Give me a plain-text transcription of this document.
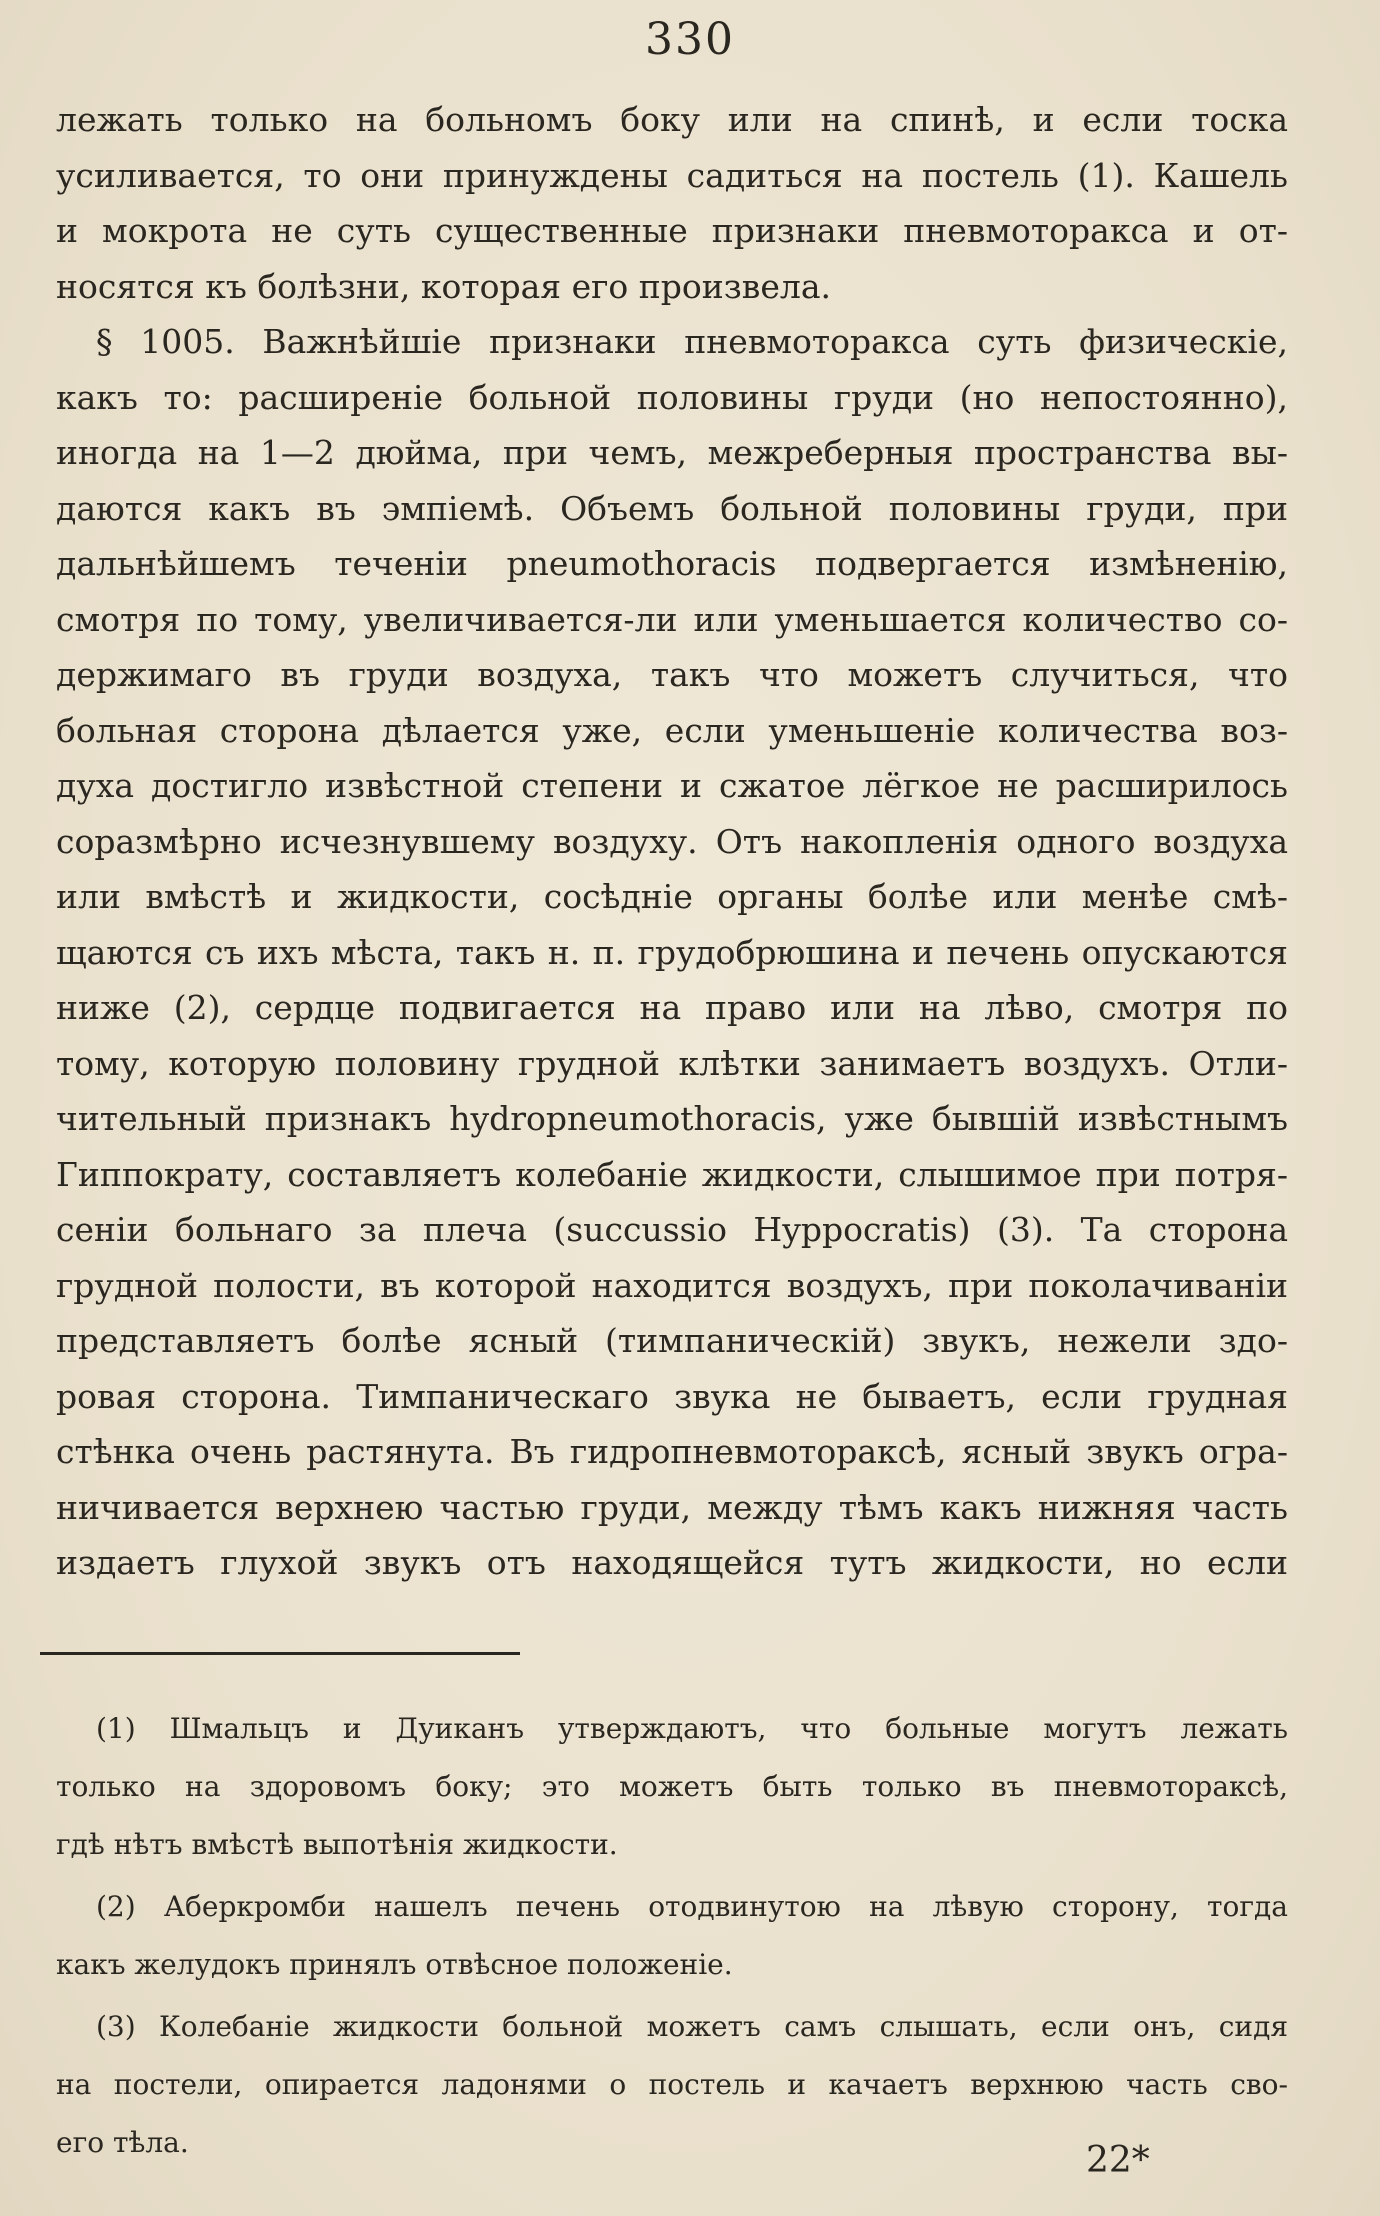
330
лежать только на больномъ боку или на спинѣ, и если тоска
усиливается, то они принуждены садиться на постель (1). Кашель
и мокрота не суть существенные признаки пневмоторакса и от-
носятся къ болѣзни, которая его произвела.
§ 1005. Важнѣйшіе признаки пневмоторакса суть физическіе,
какъ то: расширеніе больной половины груди (но непостоянно),
иногда на 1—2 дюйма, при чемъ, межреберныя пространства вы-
даются какъ въ эмпіемѣ. Объемъ больной половины груди, при
дальнѣйшемъ теченіи pneumothoracis подвергается измѣненію,
смотря по тому, увеличивается-ли или уменьшается количество со-
держимаго въ груди воздуха, такъ что можетъ случиться, что
больная сторона дѣлается уже, если уменьшеніе количества воз-
духа достигло извѣстной степени и сжатое лёгкое не расширилось
соразмѣрно исчезнувшему воздуху. Отъ накопленія одного воздуха
или вмѣстѣ и жидкости, сосѣдніе органы болѣе или менѣе смѣ-
щаются съ ихъ мѣста, такъ н. п. грудобрюшина и печень опускаются
ниже (2), сердце подвигается на право или на лѣво, смотря по
тому, которую половину грудной клѣтки занимаетъ воздухъ. Отли-
чительный признакъ hydropneumothoracis, уже бывшій извѣстнымъ
Гиппократу, составляетъ колебаніе жидкости, слышимое при потря-
сеніи больнаго за плеча (succussio Hyppocratis) (3). Та сторона
грудной полости, въ которой находится воздухъ, при поколачиваніи
представляетъ болѣе ясный (тимпаническій) звукъ, нежели здо-
ровая сторона. Тимпаническаго звука не бываетъ, если грудная
стѣнка очень растянута. Въ гидропневмотораксѣ, ясный звукъ огра-
ничивается верхнею частью груди, между тѣмъ какъ нижняя часть
издаетъ глухой звукъ отъ находящейся тутъ жидкости, но если
(1) Шмальцъ и Дуиканъ утверждаютъ, что больные могутъ лежать
только на здоровомъ боку; это можетъ быть только въ пневмотораксѣ,
гдѣ нѣтъ вмѣстѣ выпотѣнія жидкости.
(2) Аберкромби нашелъ печень отодвинутою на лѣвую сторону, тогда
какъ желудокъ принялъ отвѣсное положеніе.
(3) Колебаніе жидкости больной можетъ самъ слышать, если онъ, сидя
на постели, опирается ладонями о постель и качаетъ верхнюю часть сво-
его тѣла.	22*
